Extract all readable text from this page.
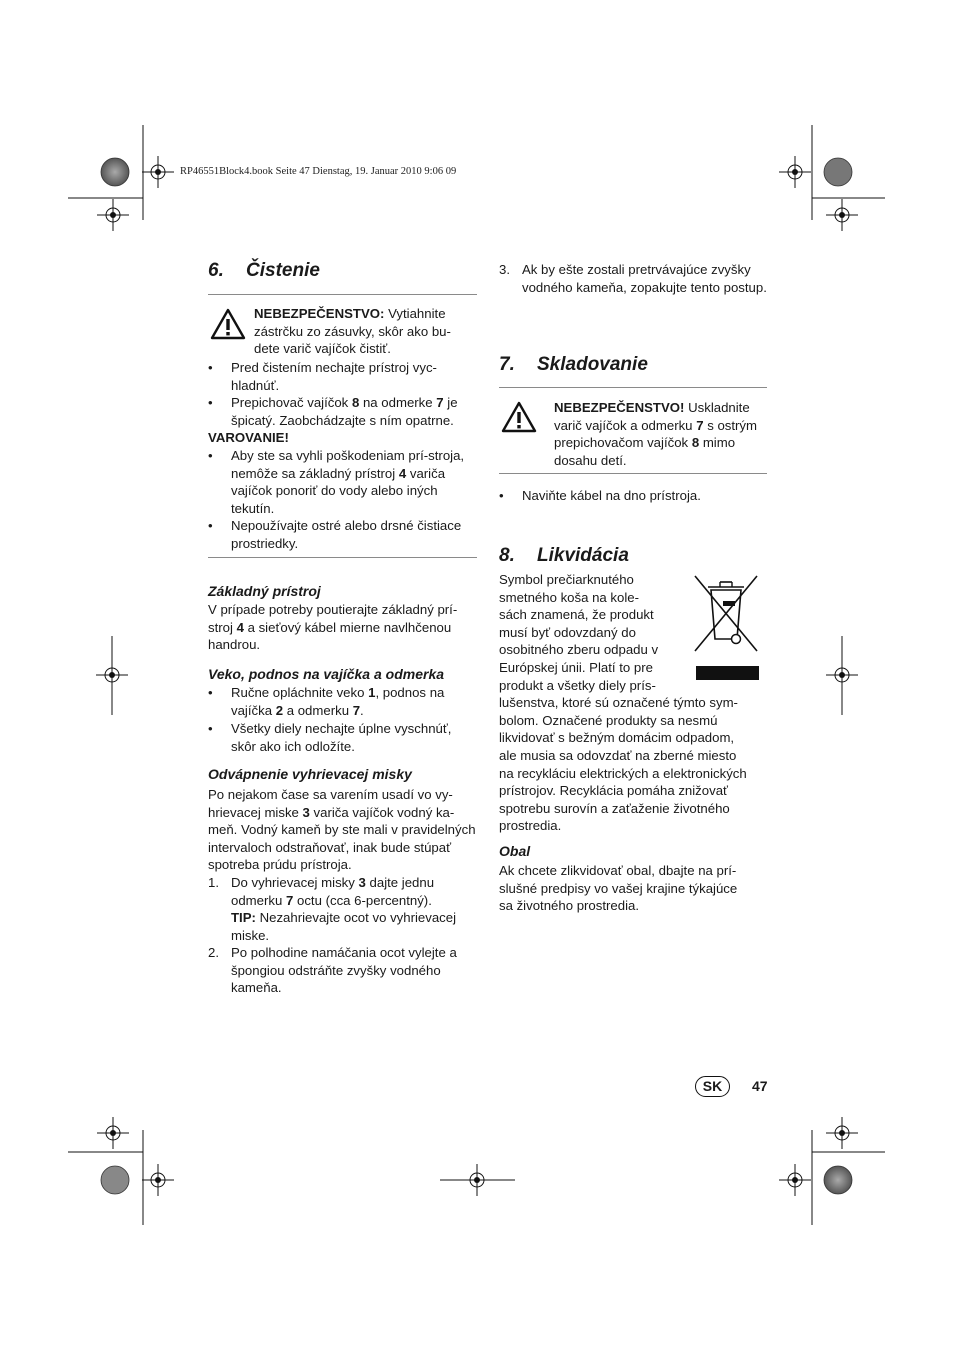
RP46551Block4.book Seite 47 Dienstag, 19. Januar 2010 9:06 09
6. Čistenie
NEBEZPEČENSTVO: Vytiahnite zástrčku zo zásuvky, skôr ako bu-dete varič vajíčok čistiť.
• Pred čistením nechajte prístroj vyc-hladnúť.
• Prepichovač vajíčok 8 na odmerke 7 je špicatý. Zaobchádzajte s ním opatrne.
VAROVANIE!
• Aby ste sa vyhli poškodeniam prí-stroja, nemôže sa základný prístroj 4 variča vajíčok ponoriť do vody alebo iných tekutín.
• Nepoužívajte ostré alebo drsné čistiace prostriedky.
Základný prístroj
V prípade potreby poutierajte základný prí-stroj 4 a sieťový kábel mierne navlhčenou handrou.
Veko, podnos na vajíčka a odmerka
• Ručne opláchnite veko 1, podnos na vajíčka 2 a odmerku 7.
• Všetky diely nechajte úplne vyschnúť, skôr ako ich odložíte.
Odvápnenie vyhrievacej misky
Po nejakom čase sa varením usadí vo vy-hrievacej miske 3 variča vajíčok vodný ka-meň. Vodný kameň by ste mali v pravidelných intervaloch odstraňovať, inak bude stúpať spotreba prúdu prístroja.
1. Do vyhrievacej misky 3 dajte jednu odmerku 7 octu (cca 6-percentný).
TIP: Nezahrievajte ocot vo vyhrievacej miske.
2. Po polhodine namáčania ocot vylejte a špongiou odstráňte zvyšky vodného kameňa.
3. Ak by ešte zostali pretrvávajúce zvyšky vodného kameňa, zopakujte tento postup.
7. Skladovanie
NEBEZPEČENSTVO! Uskladnite varič vajíčok a odmerku 7 s ostrým prepichovačom vajíčok 8 mimo dosahu detí.
• Naviňte kábel na dno prístroja.
8. Likvidácia
Symbol prečiarknutého
smetného koša na kole-
sách znamená, že produkt
musí byť odovzdaný do
osobitného zberu odpadu v
Európskej únii. Platí to pre
produkt a všetky diely prís-
lušenstva, ktoré sú označené týmto sym-
bolom. Označené produkty sa nesmú
likvidovať s bežným domácim odpadom,
ale musia sa odovzdať na zberné miesto
na recykláciu elektrických a elektronických
prístrojov. Recyklácia pomáha znižovať
spotrebu surovín a zaťaženie životného
prostredia.
Obal
Ak chcete zlikvidovať obal, dbajte na prí-
slušné predpisy vo vašej krajine týkajúce
sa životného prostredia.
SK	47
